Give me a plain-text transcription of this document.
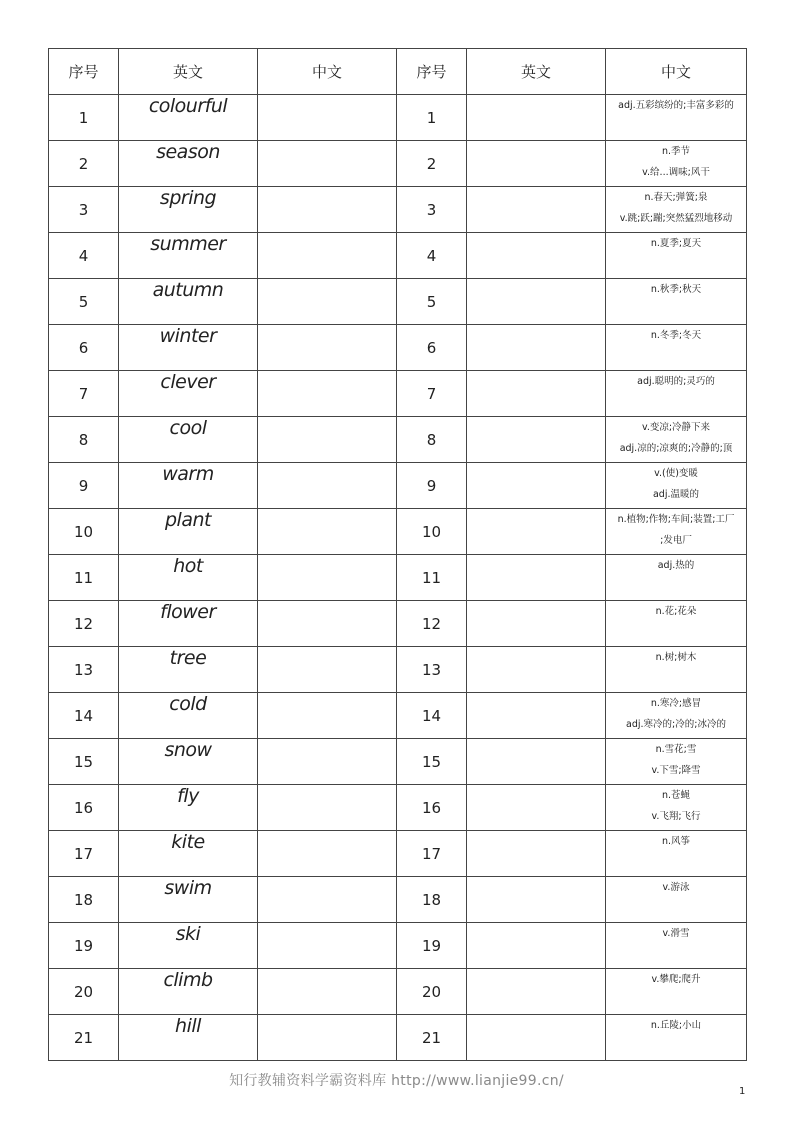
序号	英文	中文	序号	英文	中文
1	colourful		1		adj.五彩缤纷的;丰富多彩的

2	season		2		n.季节
v.给...调味;风干

3	spring		3		n.春天;弹簧;泉
v.跳;跃;蹦;突然猛烈地移动

4	summer		4		n.夏季;夏天

5	autumn		5		n.秋季;秋天

6	winter		6		n.冬季;冬天

7	clever		7		adj.聪明的;灵巧的

8	cool		8		v.变凉;冷静下来
adj.凉的;凉爽的;冷静的;顶

9	warm		9		v.(使)变暖
adj.温暖的

10	plant		10		n.植物;作物;车间;装置;工厂
;发电厂

11	hot		11		adj.热的

12	flower		12		n.花;花朵

13	tree		13		n.树;树木

14	cold		14		n.寒冷;感冒
adj.寒冷的;冷的;冰冷的

15	snow		15		n.雪花;雪
v.下雪;降雪

16	fly		16		n.苍蝇
v.飞翔;飞行

17	kite		17		n.风筝

18	swim		18		v.游泳

19	ski		19		v.滑雪

20	climb		20		v.攀爬;爬升

21	hill		21		n.丘陵;小山
知行教辅资料学霸资料库 http://www.lianjie99.cn/
1
